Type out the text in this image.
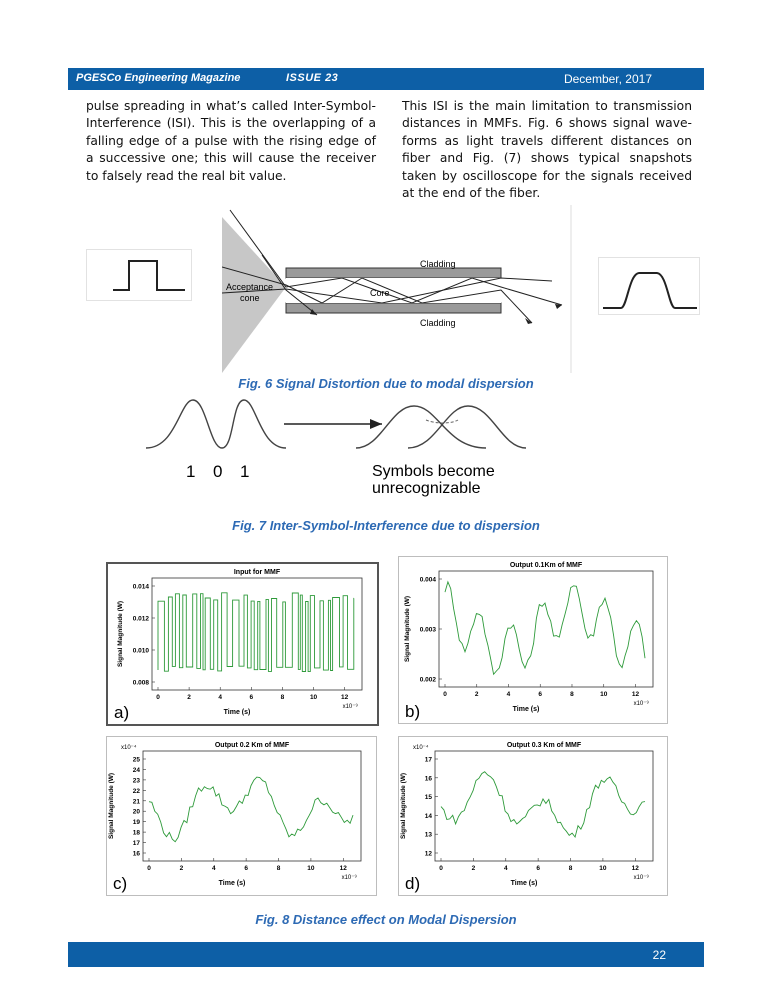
PGESCo Engineering Magazine	ISSUE 23	December, 2017
pulse spreading in what’s called Inter-Symbol-Interference (ISI). This is the overlapping of a falling edge of a pulse with the rising edge of a successive one; this will cause the receiver to falsely read the real bit value.
This ISI is the main limitation to transmission distances in MMFs. Fig. 6 shows signal wave-forms as light travels different distances on fiber and Fig. (7) shows typical snapshots taken by oscilloscope for the signals received at the end of the fiber.
Acceptance
cone	Core
Cladding
Cladding
Fig. 6 Signal Distortion due to modal dispersion
1 0 1	Symbols become
unrecognizable
Fig. 7 Inter-Symbol-Interference due to dispersion
Input for MMF
0	2	4	6	8	10	12
x10⁻⁹
Time (s)
0.014
0.012
0.010
0.008
Signal Magnitude (W)
a)
Output 0.1Km of MMF
0	2	4	6	8	10	12
x10⁻⁹
Time (s)
0.004
0.003
0.002
Signal Magnitude (W)
b)
Output 0.2 Km of MMF
0	2	4	6	8	10	12
x10⁻⁹
Time (s)
25
24
23
22
21
20
19
18
17
16
x10⁻⁴
Signal Magnitude (W)
c)
Output 0.3 Km of MMF
0	2	4	6	8	10	12
x10⁻⁹
Time (s)
17
16
15
14
13
12
x10⁻⁴
Signal Magnitude (W)
d)
Fig. 8 Distance effect on Modal Dispersion
22
